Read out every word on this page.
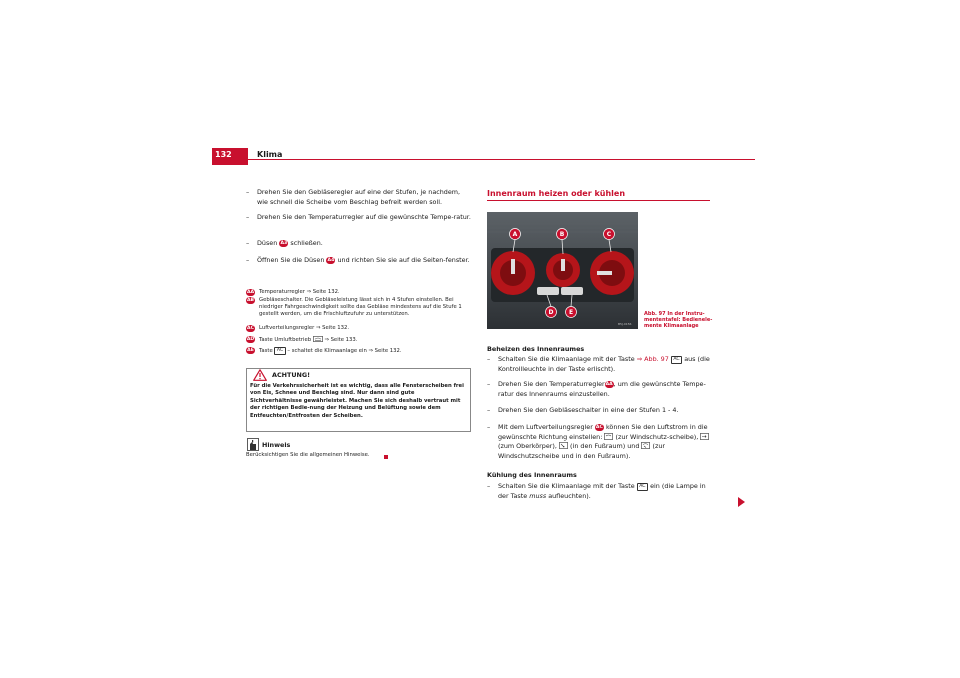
132	Klima
–	Drehen Sie den Gebläseregler auf eine der Stufen, je nachdem, wie schnell die Scheibe vom Beschlag befreit werden soll.
–	Drehen Sie den Temperaturregler auf die gewünschte Tempe-ratur.
–	Düsen A3 schließen.
–	Öffnen Sie die Düsen A4 und richten Sie sie auf die Seiten-fenster.
AA Temperaturregler ⇒ Seite 132.
AB Gebläseschalter. Die Gebläseleistung lässt sich in 4 Stufen einstellen. Bei niedriger Fahrgeschwindigkeit sollte das Gebläse mindestens auf die Stufe 1 gestellt werden, um die Frischluftzufuhr zu unterstützen.
AC Luftverteilungsregler ⇒ Seite 132.
AD Taste Umluftbetrieb	⇒ Seite 133.
AE Taste AC – schaltet die Klimaanlage ein ⇒ Seite 132.
ACHTUNG!
Für die Verkehrssicherheit ist es wichtig, dass alle Fensterscheiben frei von Eis, Schnee und Beschlag sind. Nur dann sind gute Sichtverhältnisse gewährleistet. Machen Sie sich deshalb vertraut mit der richtigen Bedie-nung der Heizung und Belüftung sowie dem Entfeuchten/Entfrosten der Scheiben.
Hinweis
Berücksichtigen Sie die allgemeinen Hinweise.
Innenraum heizen oder kühlen
A	B	C
D	E
B5J-0156
Abb. 97 In der Instru-mententafel: Bedienele-mente Klimaanlage
Beheizen des Innenraumes
–	Schalten Sie die Klimaanlage mit der Taste ⇒ Abb. 97 AC aus (die Kontrollleuchte in der Taste erlischt).
–	Drehen Sie den TemperaturreglerAA, um die gewünschte Tempe-ratur des Innenraums einzustellen.
–	Drehen Sie den Gebläseschalter in eine der Stufen 1 - 4.
–	Mit dem Luftverteilungsregler AC können Sie den Luftstrom in die gewünschte Richtung einstellen: (zur Windschutz-scheibe),  (zum Oberkörper), (in den Fußraum) und (zur Windschutzscheibe und in den Fußraum).
Kühlung des Innenraums
–	Schalten Sie die Klimaanlage mit der Taste AC ein (die Lampe in der Taste muss aufleuchten).
